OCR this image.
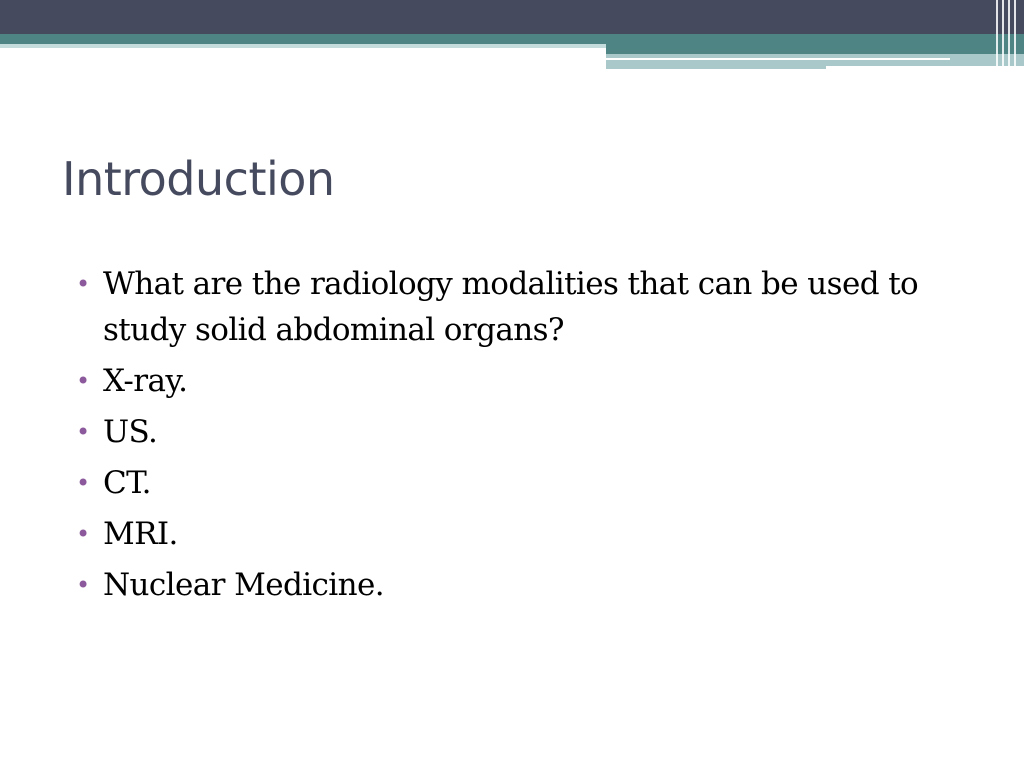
Introduction
• What are the radiology modalities that can be used to study solid abdominal organs?
• X-ray.
• US.
• CT.
• MRI.
• Nuclear Medicine.
